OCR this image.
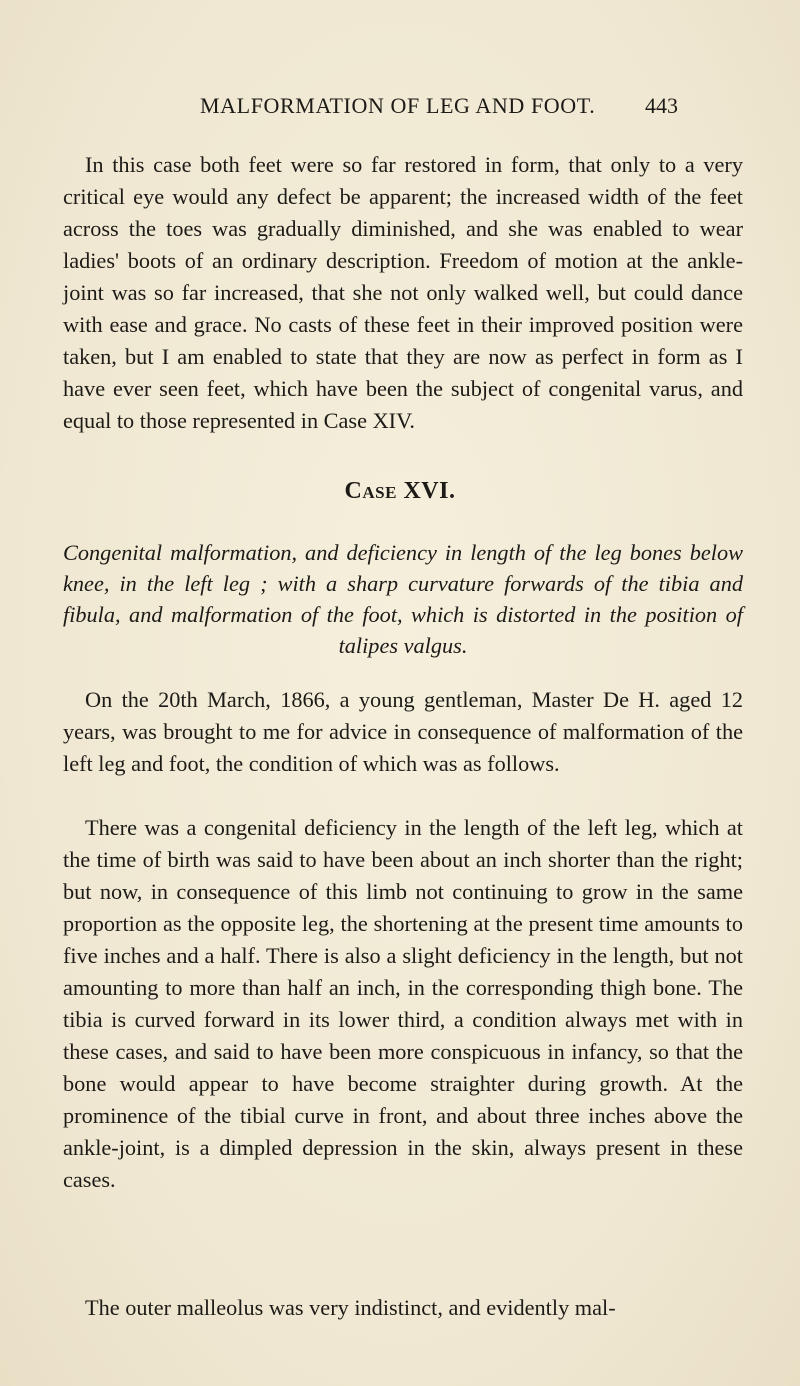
MALFORMATION OF LEG AND FOOT. 443

In this case both feet were so far restored in form, that only to a very critical eye would any defect be apparent; the increased width of the feet across the toes was gradually diminished, and she was enabled to wear ladies' boots of an ordinary description. Freedom of motion at the ankle-joint was so far increased, that she not only walked well, but could dance with ease and grace. No casts of these feet in their improved position were taken, but I am enabled to state that they are now as perfect in form as I have ever seen feet, which have been the subject of congenital varus, and equal to those represented in Case XIV.

Case XVI.

Congenital malformation, and deficiency in length of the leg bones below knee, in the left leg ; with a sharp curvature forwards of the tibia and fibula, and malformation of the foot, which is distorted in the position of talipes valgus.

On the 20th March, 1866, a young gentleman, Master De H. aged 12 years, was brought to me for advice in consequence of malformation of the left leg and foot, the condition of which was as follows.

There was a congenital deficiency in the length of the left leg, which at the time of birth was said to have been about an inch shorter than the right; but now, in consequence of this limb not continuing to grow in the same proportion as the opposite leg, the shortening at the present time amounts to five inches and a half. There is also a slight deficiency in the length, but not amounting to more than half an inch, in the corresponding thigh bone. The tibia is curved forward in its lower third, a condition always met with in these cases, and said to have been more conspicuous in infancy, so that the bone would appear to have become straighter during growth. At the prominence of the tibial curve in front, and about three inches above the ankle-joint, is a dimpled depression in the skin, always present in these cases.

The outer malleolus was very indistinct, and evidently mal-
